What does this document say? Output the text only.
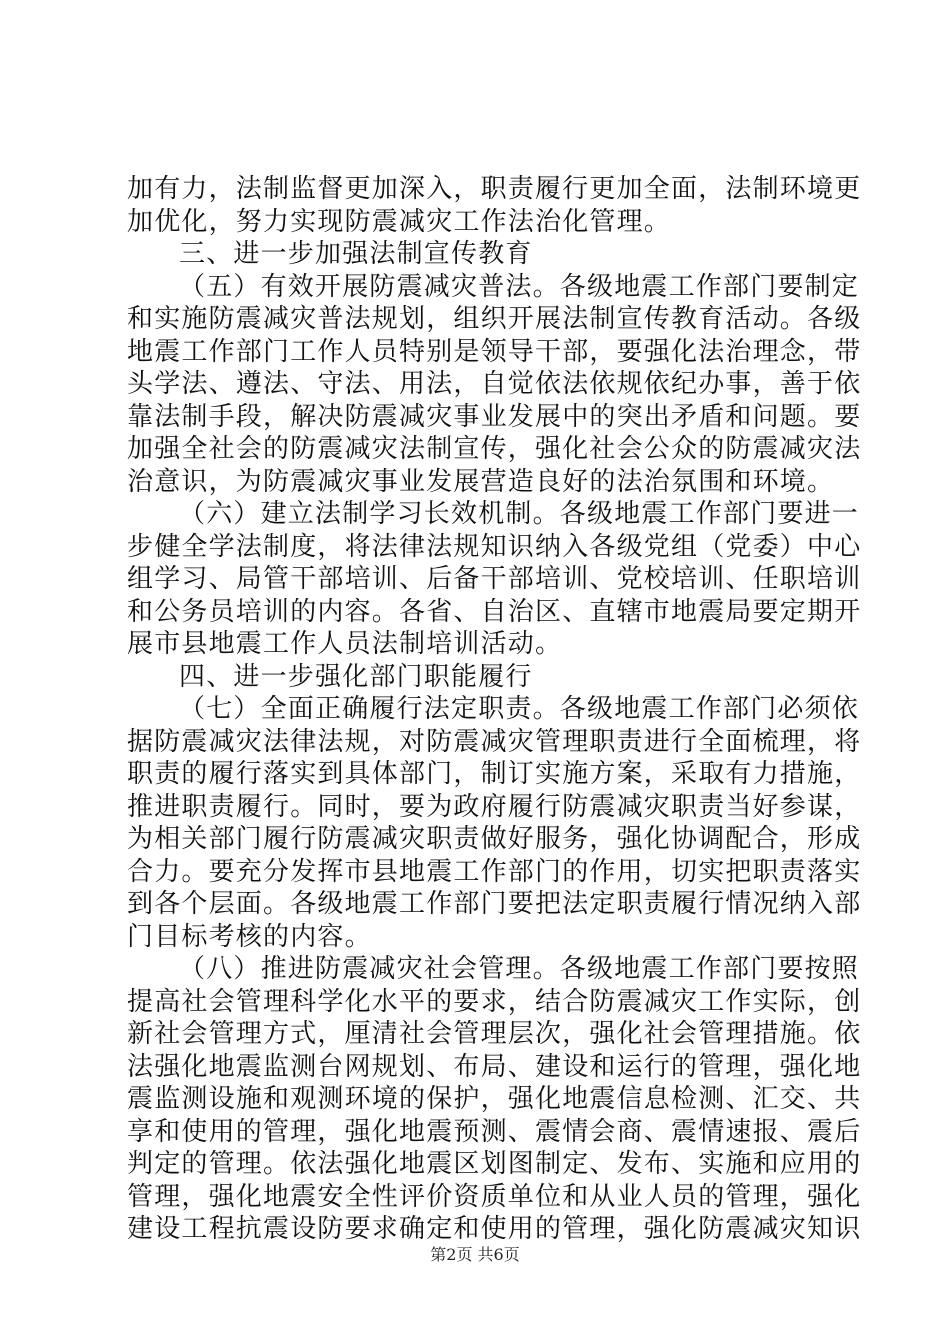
加有力，法制监督更加深入，职责履行更加全面，法制环境更
加优化，努力实现防震减灾工作法治化管理。
三、进一步加强法制宣传教育
（五）有效开展防震减灾普法。各级地震工作部门要制定
和实施防震减灾普法规划，组织开展法制宣传教育活动。各级
地震工作部门工作人员特别是领导干部，要强化法治理念，带
头学法、遵法、守法、用法，自觉依法依规依纪办事，善于依
靠法制手段，解决防震减灾事业发展中的突出矛盾和问题。要
加强全社会的防震减灾法制宣传，强化社会公众的防震减灾法
治意识，为防震减灾事业发展营造良好的法治氛围和环境。
（六）建立法制学习长效机制。各级地震工作部门要进一
步健全学法制度，将法律法规知识纳入各级党组（党委）中心
组学习、局管干部培训、后备干部培训、党校培训、任职培训
和公务员培训的内容。各省、自治区、直辖市地震局要定期开
展市县地震工作人员法制培训活动。
四、进一步强化部门职能履行
（七）全面正确履行法定职责。各级地震工作部门必须依
据防震减灾法律法规，对防震减灾管理职责进行全面梳理，将
职责的履行落实到具体部门，制订实施方案，采取有力措施，
推进职责履行。同时，要为政府履行防震减灾职责当好参谋，
为相关部门履行防震减灾职责做好服务，强化协调配合，形成
合力。要充分发挥市县地震工作部门的作用，切实把职责落实
到各个层面。各级地震工作部门要把法定职责履行情况纳入部
门目标考核的内容。
（八）推进防震减灾社会管理。各级地震工作部门要按照
提高社会管理科学化水平的要求，结合防震减灾工作实际，创
新社会管理方式，厘清社会管理层次，强化社会管理措施。依
法强化地震监测台网规划、布局、建设和运行的管理，强化地
震监测设施和观测环境的保护，强化地震信息检测、汇交、共
享和使用的管理，强化地震预测、震情会商、震情速报、震后
判定的管理。依法强化地震区划图制定、发布、实施和应用的
管理，强化地震安全性评价资质单位和从业人员的管理，强化
建设工程抗震设防要求确定和使用的管理，强化防震减灾知识
第2页 共6页
